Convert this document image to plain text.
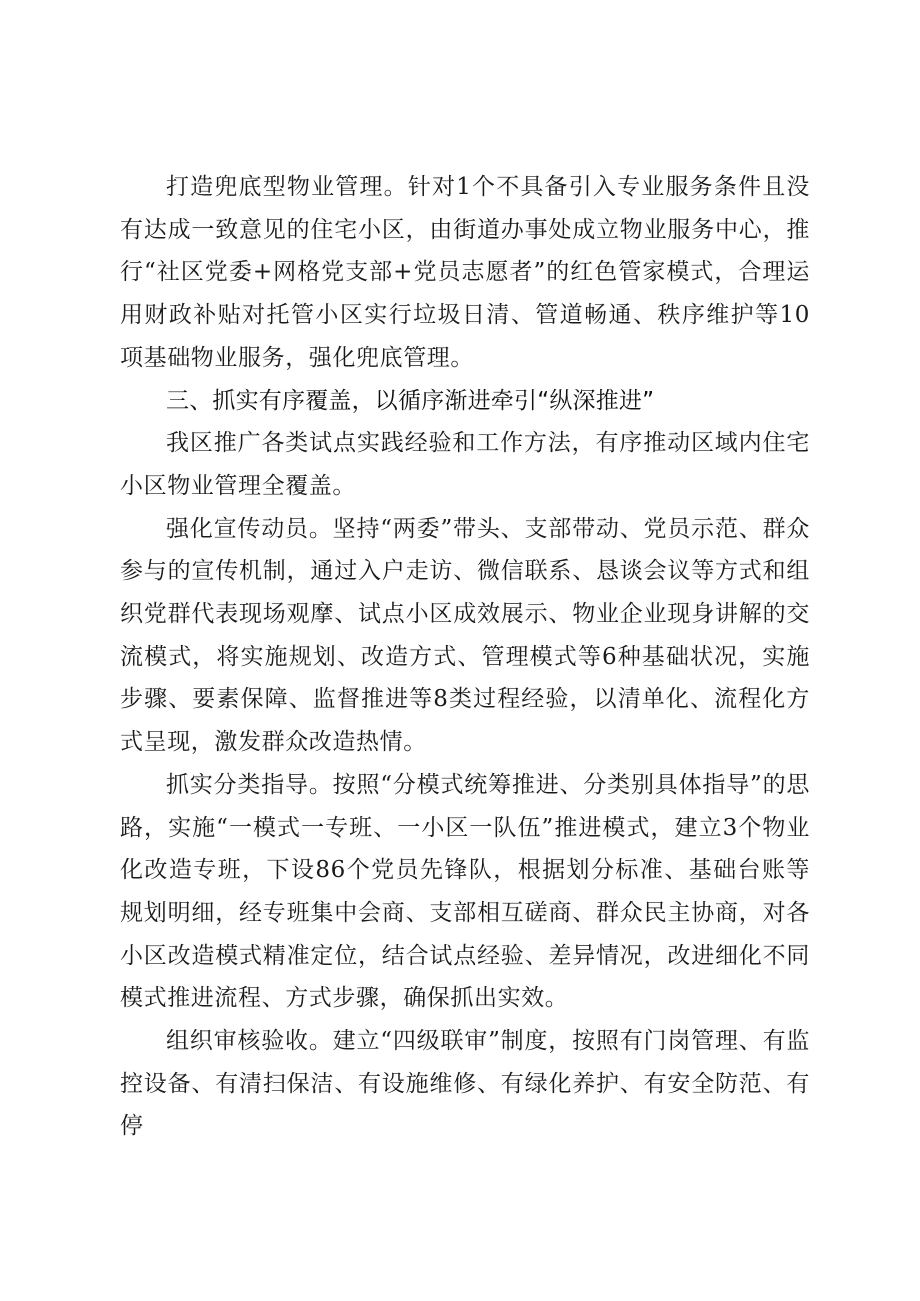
打造兜底型物业管理。针对1个不具备引入专业服务条件且没有达成一致意见的住宅小区，由街道办事处成立物业服务中心，推行“社区党委+网格党支部+党员志愿者”的红色管家模式，合理运用财政补贴对托管小区实行垃圾日清、管道畅通、秩序维护等10项基础物业服务，强化兜底管理。

三、抓实有序覆盖，以循序渐进牵引“纵深推进”

我区推广各类试点实践经验和工作方法，有序推动区域内住宅小区物业管理全覆盖。

强化宣传动员。坚持“两委”带头、支部带动、党员示范、群众参与的宣传机制，通过入户走访、微信联系、恳谈会议等方式和组织党群代表现场观摩、试点小区成效展示、物业企业现身讲解的交流模式，将实施规划、改造方式、管理模式等6种基础状况，实施步骤、要素保障、监督推进等8类过程经验，以清单化、流程化方式呈现，激发群众改造热情。

抓实分类指导。按照“分模式统筹推进、分类别具体指导”的思路，实施“一模式一专班、一小区一队伍”推进模式，建立3个物业化改造专班，下设86个党员先锋队，根据划分标准、基础台账等规划明细，经专班集中会商、支部相互磋商、群众民主协商，对各小区改造模式精准定位，结合试点经验、差异情况，改进细化不同模式推进流程、方式步骤，确保抓出实效。

组织审核验收。建立“四级联审”制度，按照有门岗管理、有监控设备、有清扫保洁、有设施维修、有绿化养护、有安全防范、有停
